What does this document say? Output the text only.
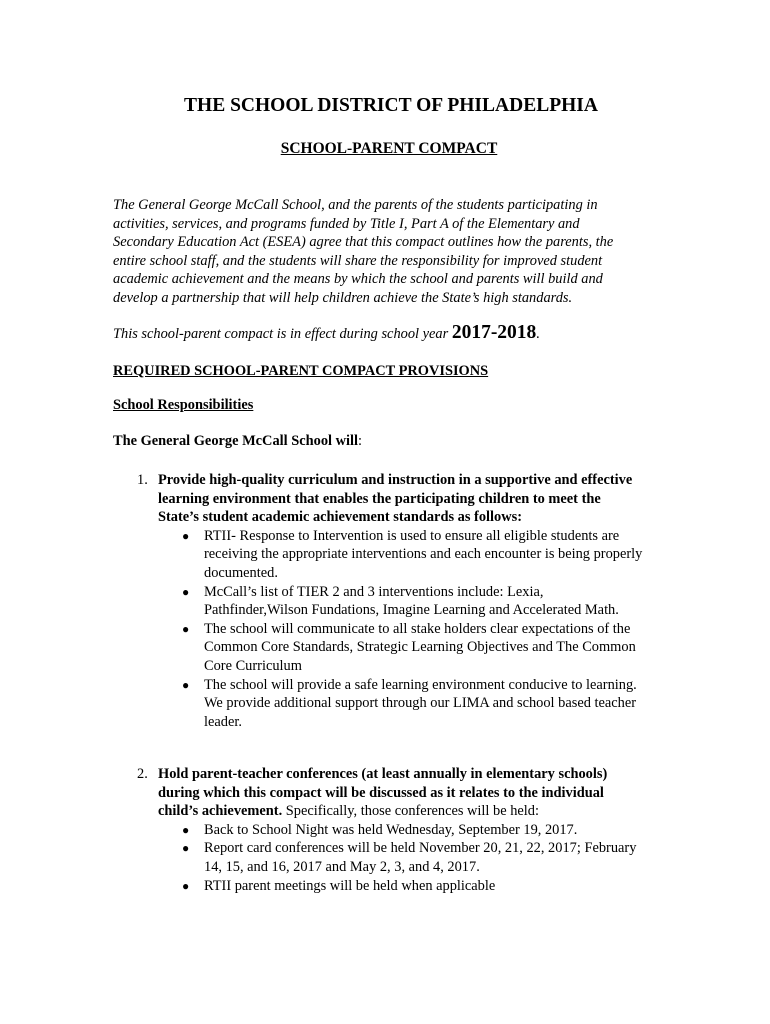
THE SCHOOL DISTRICT OF PHILADELPHIA
SCHOOL-PARENT COMPACT

The General George McCall School, and the parents of the students participating in
activities, services, and programs funded by Title I, Part A of the Elementary and
Secondary Education Act (ESEA) agree that this compact outlines how the parents, the
entire school staff, and the students will share the responsibility for improved student
academic achievement and the means by which the school and parents will build and
develop a partnership that will help children achieve the State’s high standards.

This school-parent compact is in effect during school year 2017-2018.

REQUIRED SCHOOL-PARENT COMPACT PROVISIONS
School Responsibilities

The General George McCall School will:

1. Provide high-quality curriculum and instruction in a supportive and effective
learning environment that enables the participating children to meet the
State’s student academic achievement standards as follows:
● RTII- Response to Intervention is used to ensure all eligible students are
receiving the appropriate interventions and each encounter is being properly
documented.
● McCall’s list of TIER 2 and 3 interventions include: Lexia,
Pathfinder,Wilson Fundations, Imagine Learning and Accelerated Math.
● The school will communicate to all stake holders clear expectations of the
Common Core Standards, Strategic Learning Objectives and The Common
Core Curriculum
● The school will provide a safe learning environment conducive to learning.
We provide additional support through our LIMA and school based teacher
leader.
2. Hold parent-teacher conferences (at least annually in elementary schools)
during which this compact will be discussed as it relates to the individual
child’s achievement. Specifically, those conferences will be held:
● Back to School Night was held Wednesday, September 19, 2017.
● Report card conferences will be held November 20, 21, 22, 2017; February
14, 15, and 16, 2017 and May 2, 3, and 4, 2017.
● RTII parent meetings will be held when applicable
